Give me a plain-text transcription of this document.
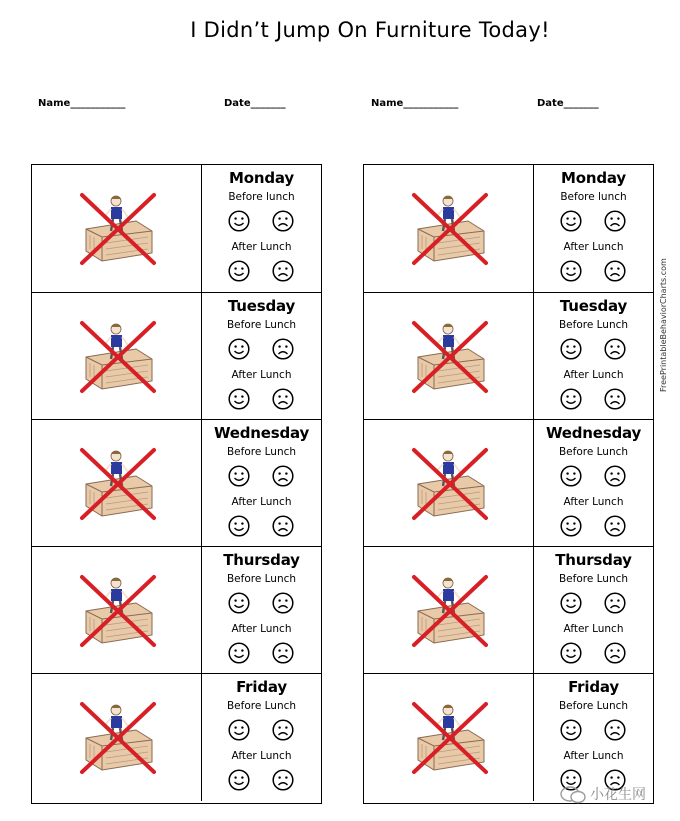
I Didn’t Jump On Furniture Today!
Name___________	Date_______	Name___________	Date_______
Monday
Before lunch
After Lunch
Tuesday
Before Lunch
After Lunch
Wednesday
Before Lunch
After Lunch
Thursday
Before Lunch
After Lunch
Friday
Before Lunch
After Lunch
Monday
Before lunch
After Lunch
Tuesday
Before Lunch
After Lunch
Wednesday
Before Lunch
After Lunch
Thursday
Before Lunch
After Lunch
Friday
Before Lunch
After Lunch
FreePrintableBehaviorCharts.com
小花生网
